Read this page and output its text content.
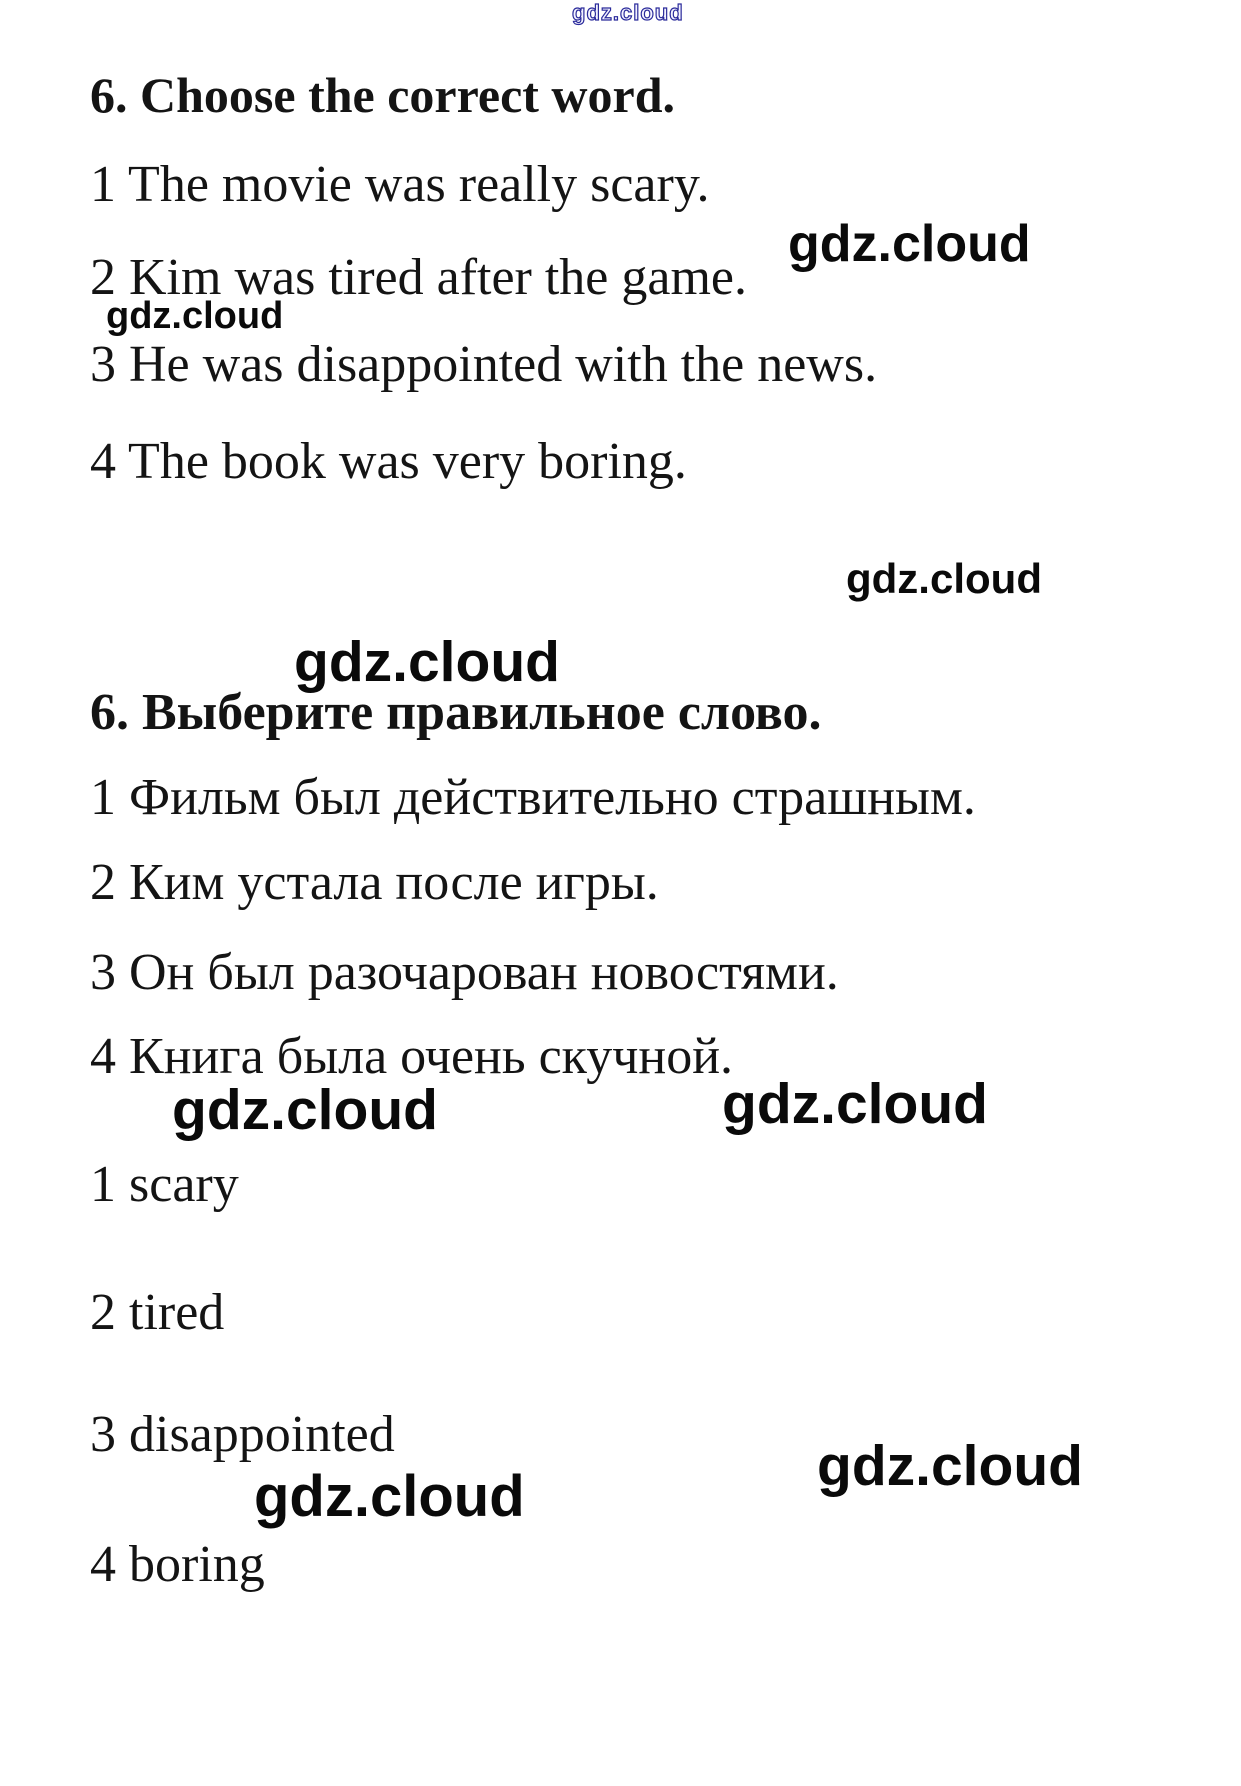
gdz.cloud
gdz.cloud
gdz.cloud
gdz.cloud
gdz.cloud
gdz.cloud	gdz.cloud
gdz.cloud
gdz.cloud
6. Choose the correct word.
1 The movie was really scary.
2 Kim was tired after the game.
3 He was disappointed with the news.
4 The book was very boring.
6. Выберите правильное слово.
1 Фильм был действительно страшным.
2 Ким устала после игры.
3 Он был разочарован новостями.
4 Книга была очень скучной.
1 scary
2 tired
3 disappointed
4 boring
